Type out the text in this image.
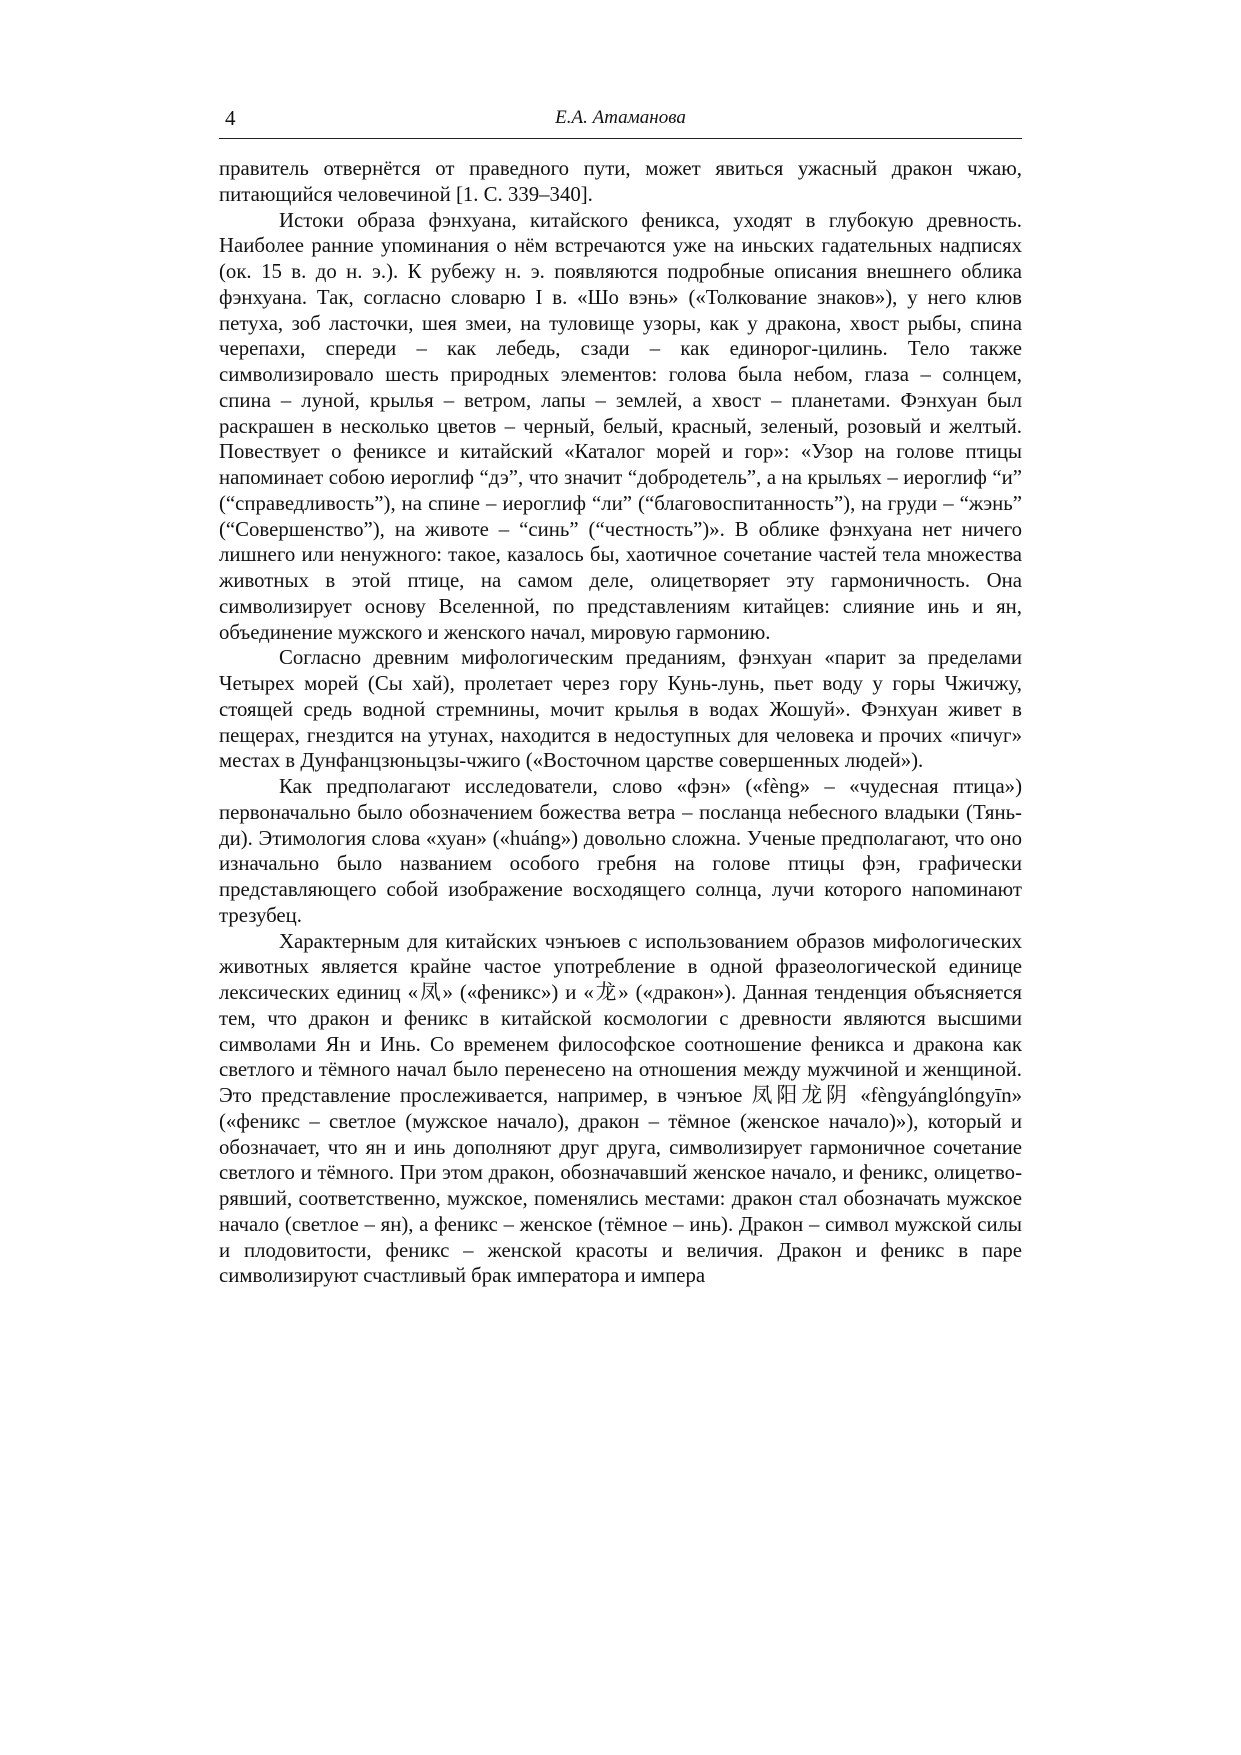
4	Е.А. Атаманова

правитель отвернётся от праведного пути, может явиться ужасный дракон чжаю, питающийся человечиной [1. С. 339–340].

Истоки образа фэнхуана, китайского феникса, уходят в глубокую древность. Наиболее ранние упоминания о нём встречаются уже на иньских гадательных надписях (ок. 15 в. до н. э.). К рубежу н. э. появляются подробные описания внешнего облика фэнхуана. Так, согласно словарю I в. «Шо вэнь» («Толкование знаков»), у него клюв петуха, зоб ласточки, шея змеи, на туловище узоры, как у дракона, хвост рыбы, спина черепахи, спереди – как лебедь, сзади – как единорог-цилинь. Тело также символизировало шесть природных элементов: голова была небом, глаза – солнцем, спина – луной, крылья – ветром, лапы – землей, а хвост – планетами. Фэнхуан был раскрашен в несколько цветов – черный, белый, красный, зеленый, розовый и желтый. Повествует о фениксе и китайский «Каталог морей и гор»: «Узор на голове птицы напоминает собою иероглиф “дэ”, что значит “добродетель”, а на крыльях – иероглиф “и” (“справедливость”), на спине – иероглиф “ли” (“благовоспитанность”), на груди – “жэнь” (“Совершенство”), на животе – “синь” (“честность”)». В облике фэнхуана нет ничего лишнего или ненужного: такое, казалось бы, хаотичное сочетание частей тела множества животных в этой птице, на самом деле, олицетворяет эту гармоничность. Она символизирует основу Вселенной, по представлениям китайцев: слияние инь и ян, объединение мужского и женского начал, мировую гармонию.

Согласно древним мифологическим преданиям, фэнхуан «парит за пределами Четырех морей (Сы хай), пролетает через гору Кунь-лунь, пьет воду у горы Чжичжу, стоящей средь водной стремнины, мочит крылья в водах Жошуй». Фэнхуан живет в пещерах, гнездится на утунах, находится в недоступных для человека и прочих «пичуг» местах в Дунфанцзюньцзы-чжиго («Восточном царстве совершенных людей»).

Как предполагают исследователи, слово «фэн» («fèng» – «чудесная птица») первоначально было обозначением божества ветра – посланца небесного владыки (Тянь-ди). Этимология слова «хуан» («huáng») довольно сложна. Ученые предполагают, что оно изначально было названием особого гребня на голове птицы фэн, графически представляющего собой изображение восходящего солнца, лучи которого напоминают трезубец.

Характерным для китайских чэнъюев с использованием образов мифологических животных является крайне частое употребление в одной фразеологической единице лексических единиц «凤» («феникс») и «龙» («дракон»). Данная тенденция объясняется тем, что дракон и феникс в китайской космологии с древности являются высшими символами Ян и Инь. Со временем философское соотношение феникса и дракона как светлого и тёмного начал было перенесено на отношения между мужчиной и женщиной. Это представление прослеживается, например, в чэнъюе 凤阳龙阴 «fèngyánglóngyīn» («феникс – светлое (мужское начало), дракон – тёмное (женское начало)»), который и обозначает, что ян и инь дополняют друг друга, символизирует гармоничное сочетание светлого и тёмного. При этом дракон, обозначавший женское начало, и феникс, олицетворявший, соответственно, мужское, поменялись местами: дракон стал обозначать мужское начало (светлое – ян), а феникс – женское (тёмное – инь). Дракон – символ мужской силы и плодовитости, феникс – женской красоты и величия. Дракон и феникс в паре символизируют счастливый брак императора и импера
